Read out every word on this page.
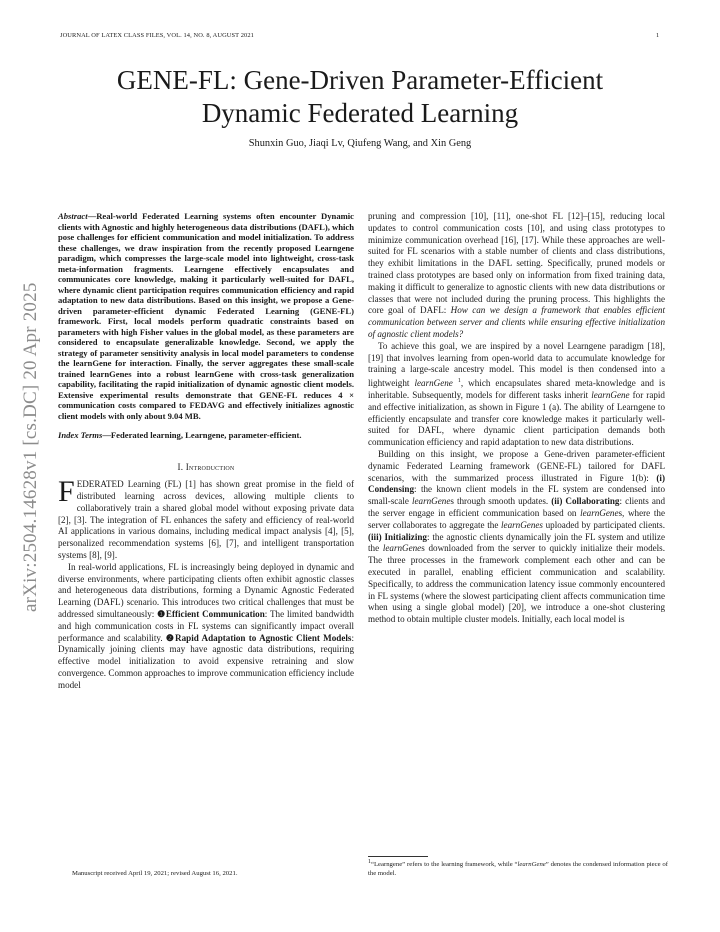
JOURNAL OF LATEX CLASS FILES, VOL. 14, NO. 8, AUGUST 2021	1
GENE-FL: Gene-Driven Parameter-Efficient
Dynamic Federated Learning
Shunxin Guo, Jiaqi Lv, Qiufeng Wang, and Xin Geng
arXiv:2504.14628v1 [cs.DC] 20 Apr 2025

Abstract—Real-world Federated Learning systems often encounter Dynamic clients with Agnostic and highly heterogeneous data distributions (DAFL), which pose challenges for efficient communication and model initialization. To address these challenges, we draw inspiration from the recently proposed Learngene paradigm, which compresses the large-scale model into lightweight, cross-task meta-information fragments. Learngene effectively encapsulates and communicates core knowledge, making it particularly well-suited for DAFL, where dynamic client participation requires communication efficiency and rapid adaptation to new data distributions. Based on this insight, we propose a Gene-driven parameter-efficient dynamic Federated Learning (GENE-FL) framework. First, local models perform quadratic constraints based on parameters with high Fisher values in the global model, as these parameters are considered to encapsulate generalizable knowledge. Second, we apply the strategy of parameter sensitivity analysis in local model parameters to condense the learnGene for interaction. Finally, the server aggregates these small-scale trained learnGenes into a robust learnGene with cross-task generalization capability, facilitating the rapid initialization of dynamic agnostic client models. Extensive experimental results demonstrate that GENE-FL reduces 4 × communication costs compared to FEDAVG and effectively initializes agnostic client models with only about 9.04 MB.

Index Terms—Federated learning, Learngene, parameter-efficient.

I. Introduction

FEDERATED Learning (FL) [1] has shown great promise in the field of distributed learning across devices, allowing multiple clients to collaboratively train a shared global model without exposing private data [2], [3]. The integration of FL enhances the safety and efficiency of real-world AI applications in various domains, including medical impact analysis [4], [5], personalized recommendation systems [6], [7], and intelligent transportation systems [8], [9].

In real-world applications, FL is increasingly being deployed in dynamic and diverse environments, where participating clients often exhibit agnostic classes and heterogeneous data distributions, forming a Dynamic Agnostic Federated Learning (DAFL) scenario. This introduces two critical challenges that must be addressed simultaneously: ❶Efficient Communication: The limited bandwidth and high communication costs in FL systems can significantly impact overall performance and scalability. ❷Rapid Adaptation to Agnostic Client Models: Dynamically joining clients may have agnostic data distributions, requiring effective model initialization to avoid expensive retraining and slow convergence. Common approaches to improve communication efficiency include model

pruning and compression [10], [11], one-shot FL [12]–[15], reducing local updates to control communication costs [10], and using class prototypes to minimize communication overhead [16], [17]. While these approaches are well-suited for FL scenarios with a stable number of clients and class distributions, they exhibit limitations in the DAFL setting. Specifically, pruned models or trained class prototypes are based only on information from fixed training data, making it difficult to generalize to agnostic clients with new data distributions or classes that were not included during the pruning process. This highlights the core goal of DAFL: How can we design a framework that enables efficient communication between server and clients while ensuring effective initialization of agnostic client models?

To achieve this goal, we are inspired by a novel Learngene paradigm [18], [19] that involves learning from open-world data to accumulate knowledge for training a large-scale ancestry model. This model is then condensed into a lightweight learnGene $^1$, which encapsulates shared meta-knowledge and is inheritable. Subsequently, models for different tasks inherit learnGene for rapid and effective initialization, as shown in Figure 1 (a). The ability of Learngene to efficiently encapsulate and transfer core knowledge makes it particularly well-suited for DAFL, where dynamic client participation demands both communication efficiency and rapid adaptation to new data distributions.

Building on this insight, we propose a Gene-driven parameter-efficient dynamic Federated Learning framework (GENE-FL) tailored for DAFL scenarios, with the summarized process illustrated in Figure 1(b): (i) Condensing: the known client models in the FL system are condensed into small-scale learnGenes through smooth updates. (ii) Collaborating: clients and the server engage in efficient communication based on learnGenes, where the server collaborates to aggregate the learnGenes uploaded by participated clients. (iii) Initializing: the agnostic clients dynamically join the FL system and utilize the learnGenes downloaded from the server to quickly initialize their models. The three processes in the framework complement each other and can be executed in parallel, enabling efficient communication and scalability. Specifically, to address the communication latency issue commonly encountered in FL systems (where the slowest participating client affects communication time when using a single global model) [20], we introduce a one-shot clustering method to obtain multiple cluster models. Initially, each local model is

Manuscript received April 19, 2021; revised August 16, 2021.
$^1$“Learngene” refers to the learning framework, while “learnGene” denotes the condensed information piece of the model.
